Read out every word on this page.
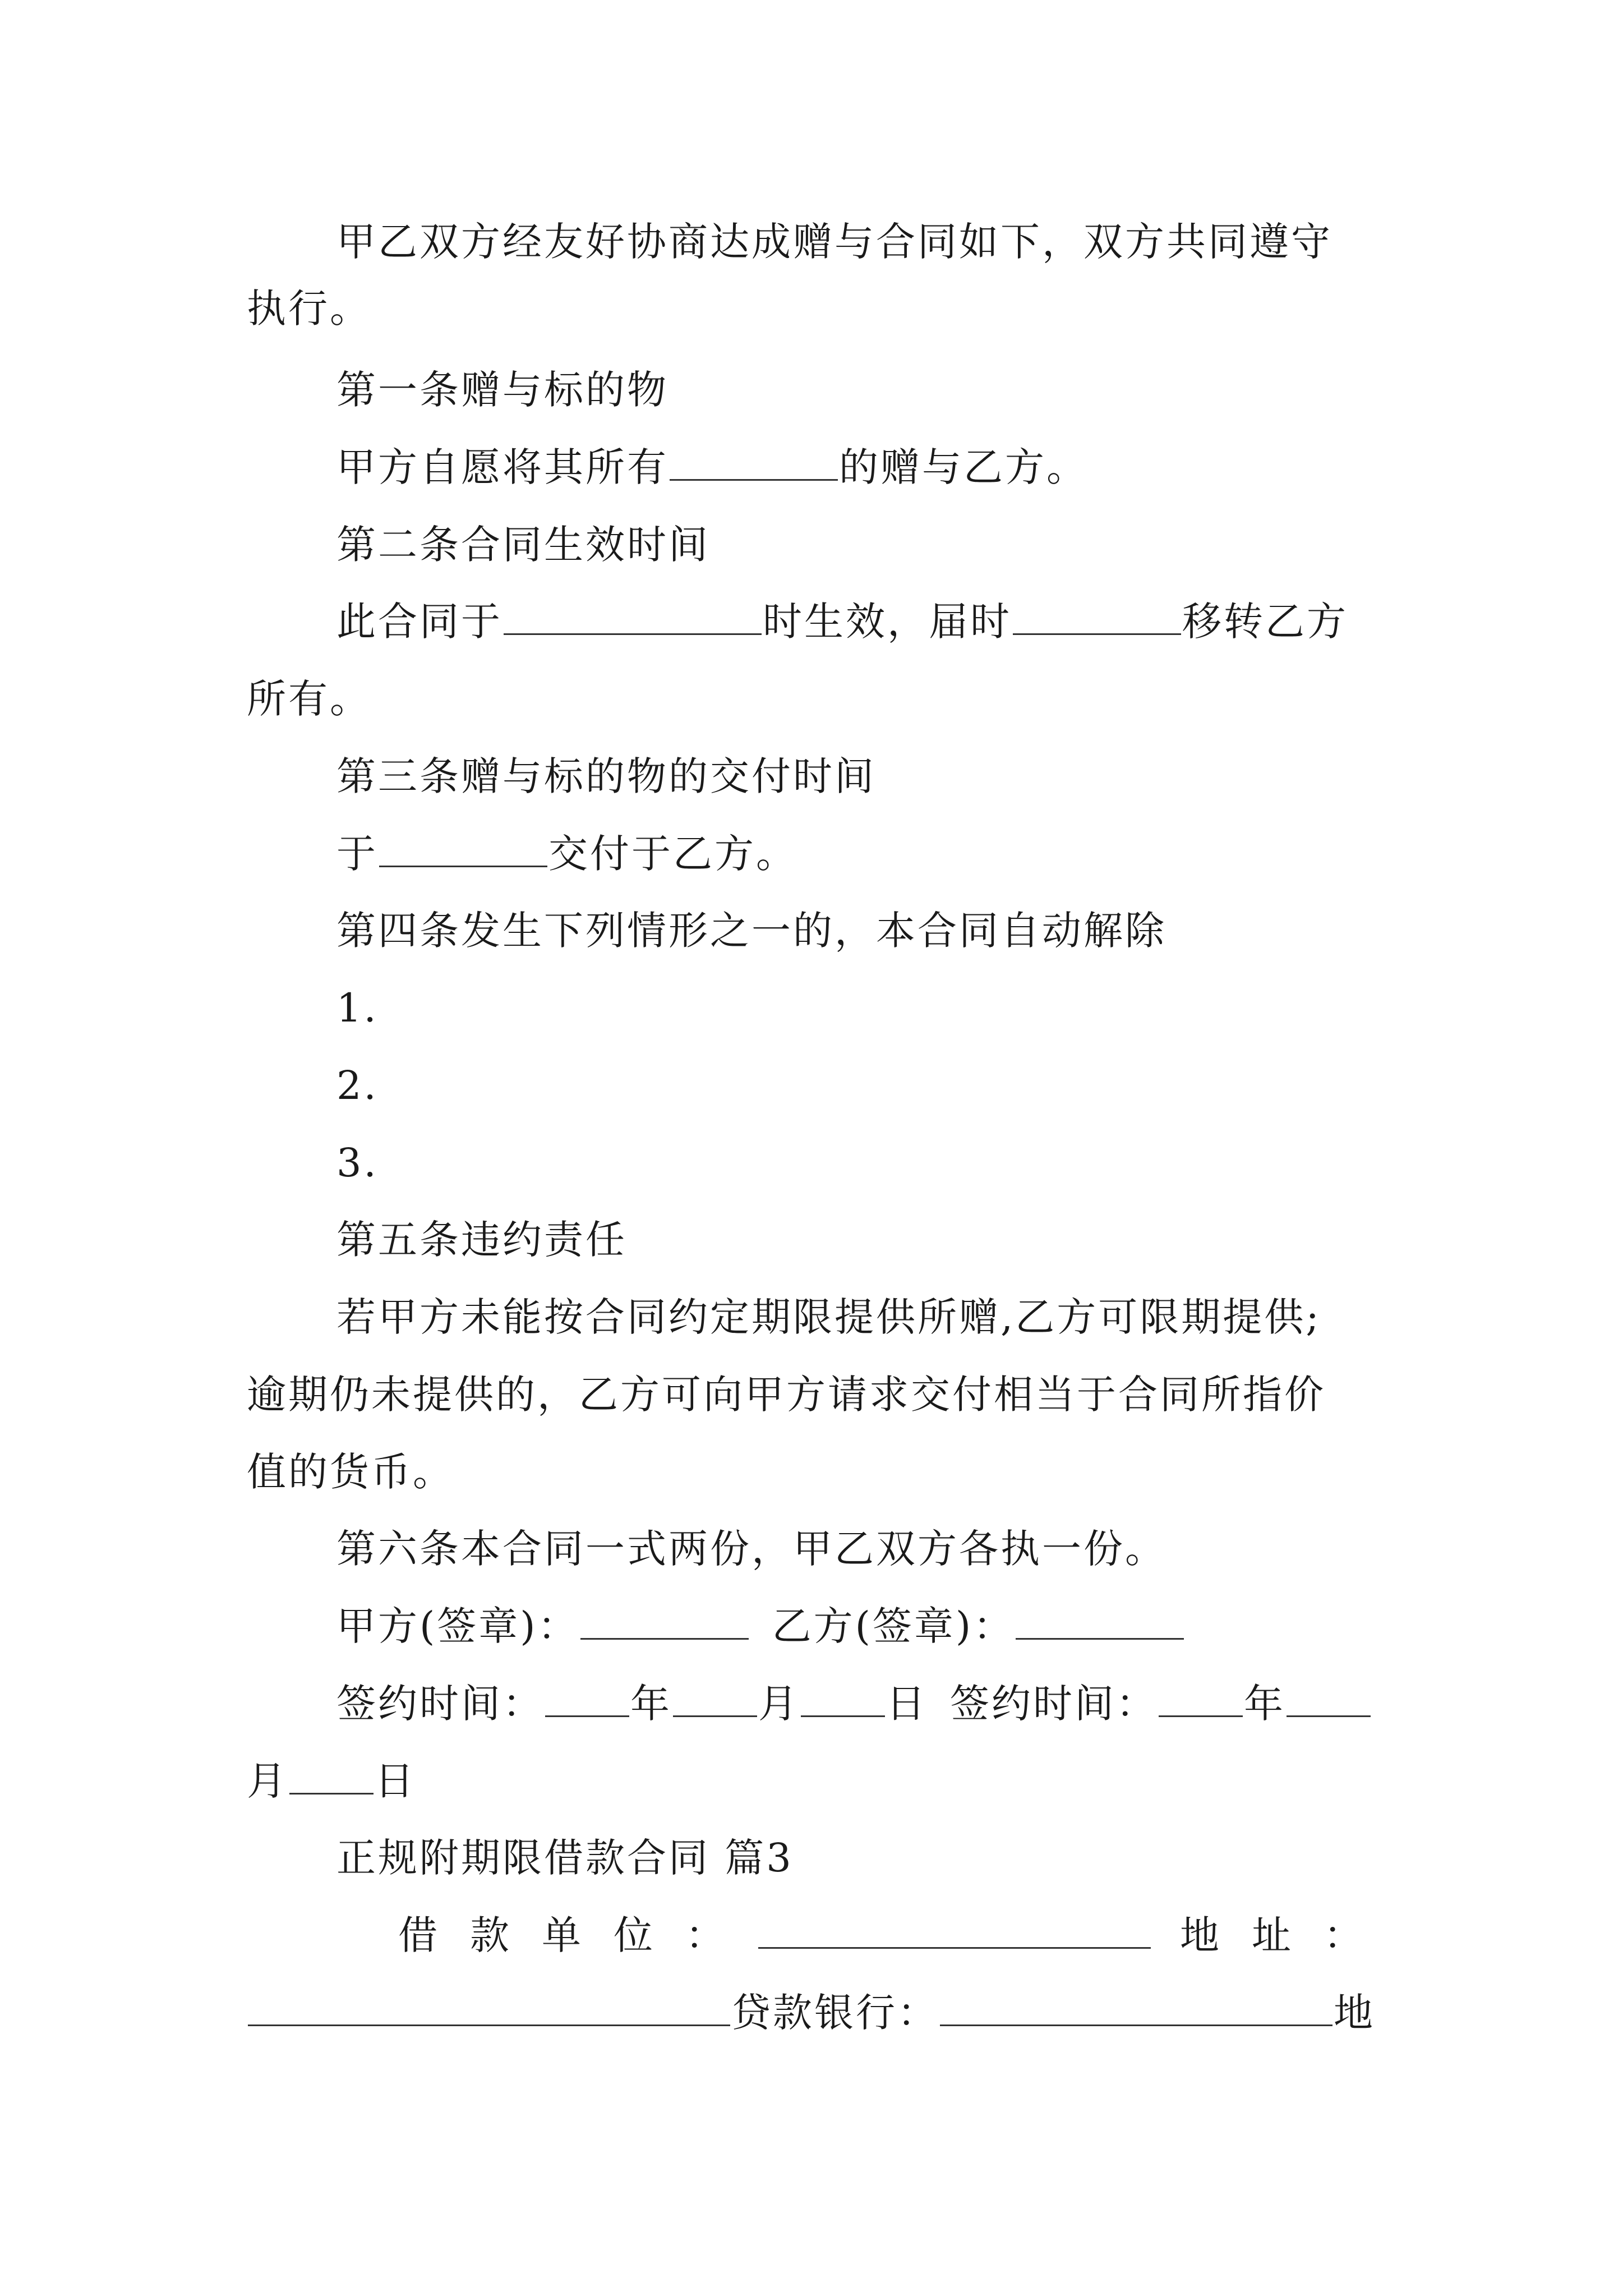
甲乙双方经友好协商达成赠与合同如下，双方共同遵守
执行。
第一条赠与标的物
甲方自愿将其所有	的赠与乙方。
第二条合同生效时间
此合同于	时生效，届时	移转乙方
所有。
第三条赠与标的物的交付时间
于	交付于乙方。
第四条发生下列情形之一的，本合同自动解除
1.
2.
3.
第五条违约责任
若甲方未能按合同约定期限提供所赠,乙方可限期提供;
逾期仍未提供的，乙方可向甲方请求交付相当于合同所指价
值的货币。
第六条本合同一式两份，甲乙双方各执一份。
甲方(签章)：	乙方(签章)：
签约时间： 年 月 日 签约时间： 年
月 日
正规附期限借款合同 篇3
借款单位：	地址：
贷款银行：	地
